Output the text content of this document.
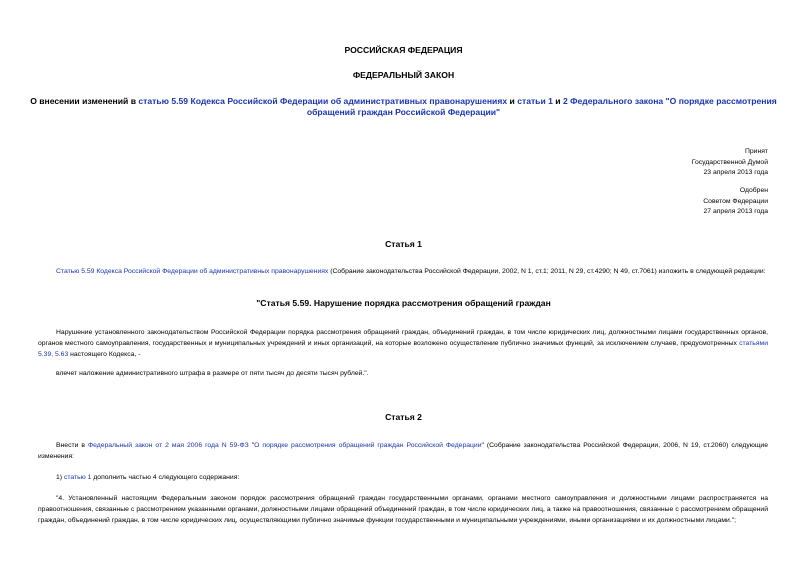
РОССИЙСКАЯ ФЕДЕРАЦИЯ
ФЕДЕРАЛЬНЫЙ ЗАКОН
О внесении изменений в статью 5.59 Кодекса Российской Федерации об административных правонарушениях и статьи 1 и 2 Федерального закона "О порядке рассмотрения обращений граждан Российской Федерации"
Принят
Государственной Думой
23 апреля 2013 года
Одобрен
Советом Федерации
27 апреля 2013 года
Статья 1
Статью 5.59 Кодекса Российской Федерации об административных правонарушениях (Собрание законодательства Российской Федерации, 2002, N 1, ст.1; 2011, N 29, ст.4290; N 49, ст.7061) изложить в следующей редакции:
"Статья 5.59. Нарушение порядка рассмотрения обращений граждан
Нарушение установленного законодательством Российской Федерации порядка рассмотрения обращений граждан, объединений граждан, в том числе юридических лиц, должностными лицами государственных органов, органов местного самоуправления, государственных и муниципальных учреждений и иных организаций, на которые возложено осуществление публично значимых функций, за исключением случаев, предусмотренных статьями 5.39, 5.63 настоящего Кодекса, -
влечет наложение административного штрафа в размере от пяти тысяч до десяти тысяч рублей.".
Статья 2
Внести в Федеральный закон от 2 мая 2006 года N 59-ФЗ "О порядке рассмотрения обращений граждан Российской Федерации" (Собрание законодательства Российской Федерации, 2006, N 19, ст.2060) следующие изменения:
1) статью 1 дополнить частью 4 следующего содержания:
"4. Установленный настоящим Федеральным законом порядок рассмотрения обращений граждан государственными органами, органами местного самоуправления и должностными лицами распространяется на правоотношения, связанные с рассмотрением указанными органами, должностными лицами обращений объединений граждан, в том числе юридических лиц, а также на правоотношения, связанные с рассмотрением обращений граждан, объединений граждан, в том числе юридических лиц, осуществляющими публично значимые функции государственными и муниципальными учреждениями, иными организациями и их должностными лицами.";
